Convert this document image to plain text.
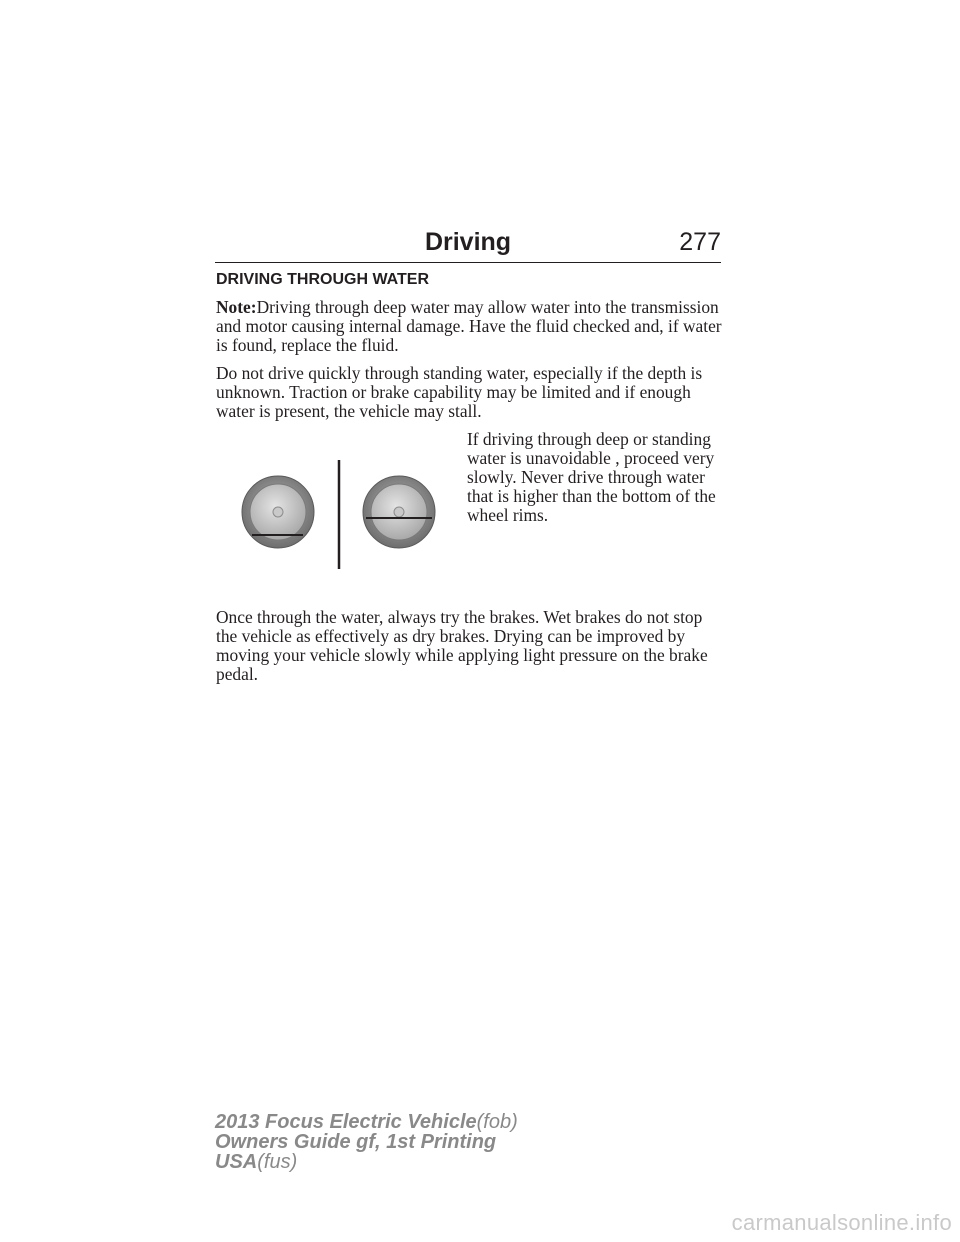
Driving	277
DRIVING THROUGH WATER

Note:Driving through deep water may allow water into the transmission and motor causing internal damage. Have the fluid checked and, if water is found, replace the fluid.

Do not drive quickly through standing water, especially if the depth is unknown. Traction or brake capability may be limited and if enough water is present, the vehicle may stall.

If driving through deep or standing water is unavoidable , proceed very slowly. Never drive through water that is higher than the bottom of the wheel rims.

Once through the water, always try the brakes. Wet brakes do not stop the vehicle as effectively as dry brakes. Drying can be improved by moving your vehicle slowly while applying light pressure on the brake pedal.

2013 Focus Electric Vehicle(fob)
Owners Guide gf, 1st Printing
USA(fus)
carmanualsonline.info
